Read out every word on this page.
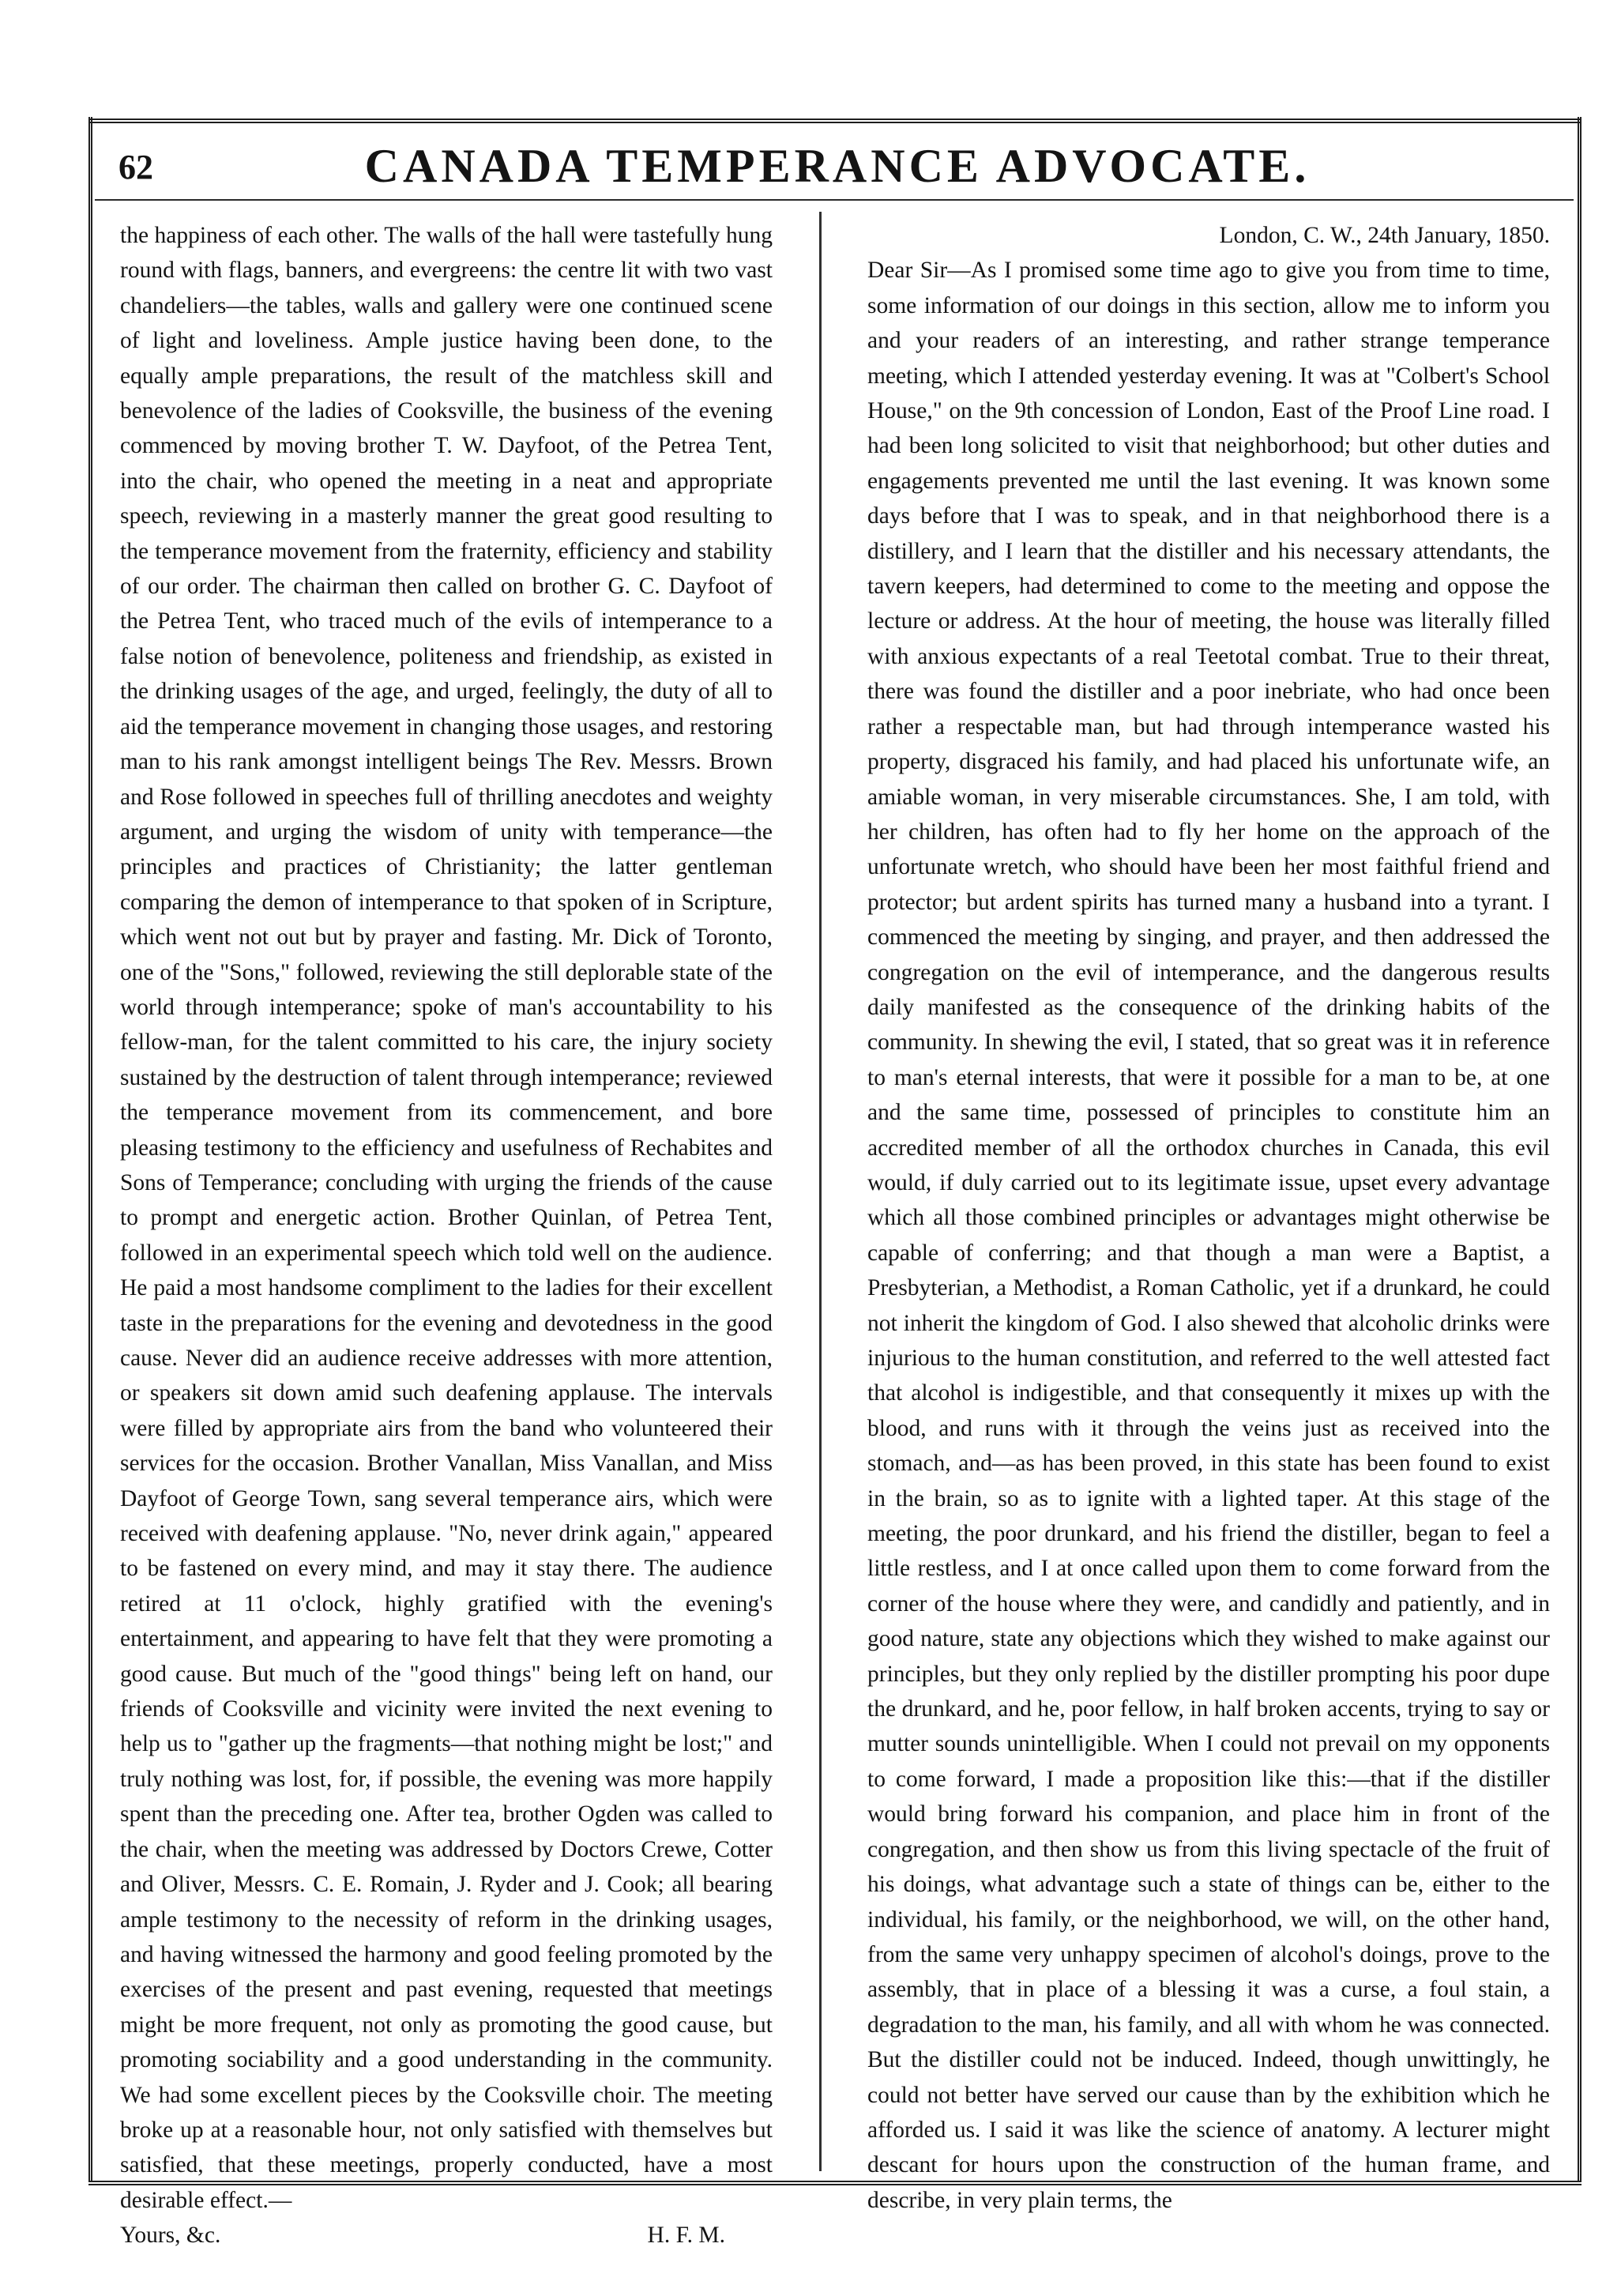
62	CANADA TEMPERANCE ADVOCATE.

the happiness of each other. The walls of the hall were tastefully hung round with flags, banners, and evergreens: the centre lit with two vast chandeliers—the tables, walls and gallery were one continued scene of light and loveliness. Ample justice having been done, to the equally ample preparations, the result of the matchless skill and benevolence of the ladies of Cooksville, the business of the evening commenced by moving brother T. W. Dayfoot, of the Petrea Tent, into the chair, who opened the meeting in a neat and appropriate speech, reviewing in a masterly manner the great good resulting to the temperance movement from the fraternity, efficiency and stability of our order. The chairman then called on brother G. C. Dayfoot of the Petrea Tent, who traced much of the evils of intemperance to a false notion of benevolence, politeness and friendship, as existed in the drinking usages of the age, and urged, feelingly, the duty of all to aid the temperance movement in changing those usages, and restoring man to his rank amongst intelligent beings The Rev. Messrs. Brown and Rose followed in speeches full of thrilling anecdotes and weighty argument, and urging the wisdom of unity with temperance—the principles and practices of Christianity; the latter gentleman comparing the demon of intemperance to that spoken of in Scripture, which went not out but by prayer and fasting. Mr. Dick of Toronto, one of the "Sons," followed, reviewing the still deplorable state of the world through intemperance; spoke of man's accountability to his fellow-man, for the talent committed to his care, the injury society sustained by the destruction of talent through intemperance; reviewed the temperance movement from its commencement, and bore pleasing testimony to the efficiency and usefulness of Rechabites and Sons of Temperance; concluding with urging the friends of the cause to prompt and energetic action. Brother Quinlan, of Petrea Tent, followed in an experimental speech which told well on the audience. He paid a most handsome compliment to the ladies for their excellent taste in the preparations for the evening and devotedness in the good cause. Never did an audience receive addresses with more attention, or speakers sit down amid such deafening applause. The intervals were filled by appropriate airs from the band who volunteered their services for the occasion. Brother Vanallan, Miss Vanallan, and Miss Dayfoot of George Town, sang several temperance airs, which were received with deafening applause. "No, never drink again," appeared to be fastened on every mind, and may it stay there. The audience retired at 11 o'clock, highly gratified with the evening's entertainment, and appearing to have felt that they were promoting a good cause. But much of the "good things" being left on hand, our friends of Cooksville and vicinity were invited the next evening to help us to "gather up the fragments—that nothing might be lost;" and truly nothing was lost, for, if possible, the evening was more happily spent than the preceding one. After tea, brother Ogden was called to the chair, when the meeting was addressed by Doctors Crewe, Cotter and Oliver, Messrs. C. E. Romain, J. Ryder and J. Cook; all bearing ample testimony to the necessity of reform in the drinking usages, and having witnessed the harmony and good feeling promoted by the exercises of the present and past evening, requested that meetings might be more frequent, not only as promoting the good cause, but promoting sociability and a good understanding in the community. We had some excellent pieces by the Cooksville choir. The meeting broke up at a reasonable hour, not only satisfied with themselves but satisfied, that these meetings, properly conducted, have a most desirable effect.—

Yours, &c.	H. F. M.

London, C. W., 24th January, 1850.

Dear Sir—As I promised some time ago to give you from time to time, some information of our doings in this section, allow me to inform you and your readers of an interesting, and rather strange temperance meeting, which I attended yesterday evening. It was at "Colbert's School House," on the 9th concession of London, East of the Proof Line road. I had been long solicited to visit that neighborhood; but other duties and engagements prevented me until the last evening. It was known some days before that I was to speak, and in that neighborhood there is a distillery, and I learn that the distiller and his necessary attendants, the tavern keepers, had determined to come to the meeting and oppose the lecture or address. At the hour of meeting, the house was literally filled with anxious expectants of a real Teetotal combat. True to their threat, there was found the distiller and a poor inebriate, who had once been rather a respectable man, but had through intemperance wasted his property, disgraced his family, and had placed his unfortunate wife, an amiable woman, in very miserable circumstances. She, I am told, with her children, has often had to fly her home on the approach of the unfortunate wretch, who should have been her most faithful friend and protector; but ardent spirits has turned many a husband into a tyrant. I commenced the meeting by singing, and prayer, and then addressed the congregation on the evil of intemperance, and the dangerous results daily manifested as the consequence of the drinking habits of the community. In shewing the evil, I stated, that so great was it in reference to man's eternal interests, that were it possible for a man to be, at one and the same time, possessed of principles to constitute him an accredited member of all the orthodox churches in Canada, this evil would, if duly carried out to its legitimate issue, upset every advantage which all those combined principles or advantages might otherwise be capable of conferring; and that though a man were a Baptist, a Presbyterian, a Methodist, a Roman Catholic, yet if a drunkard, he could not inherit the kingdom of God. I also shewed that alcoholic drinks were injurious to the human constitution, and referred to the well attested fact that alcohol is indigestible, and that consequently it mixes up with the blood, and runs with it through the veins just as received into the stomach, and—as has been proved, in this state has been found to exist in the brain, so as to ignite with a lighted taper. At this stage of the meeting, the poor drunkard, and his friend the distiller, began to feel a little restless, and I at once called upon them to come forward from the corner of the house where they were, and candidly and patiently, and in good nature, state any objections which they wished to make against our principles, but they only replied by the distiller prompting his poor dupe the drunkard, and he, poor fellow, in half broken accents, trying to say or mutter sounds unintelligible. When I could not prevail on my opponents to come forward, I made a proposition like this:—that if the distiller would bring forward his companion, and place him in front of the congregation, and then show us from this living spectacle of the fruit of his doings, what advantage such a state of things can be, either to the individual, his family, or the neighborhood, we will, on the other hand, from the same very unhappy specimen of alcohol's doings, prove to the assembly, that in place of a blessing it was a curse, a foul stain, a degradation to the man, his family, and all with whom he was connected. But the distiller could not be induced. Indeed, though unwittingly, he could not better have served our cause than by the exhibition which he afforded us. I said it was like the science of anatomy. A lecturer might descant for hours upon the construction of the human frame, and describe, in very plain terms, the
